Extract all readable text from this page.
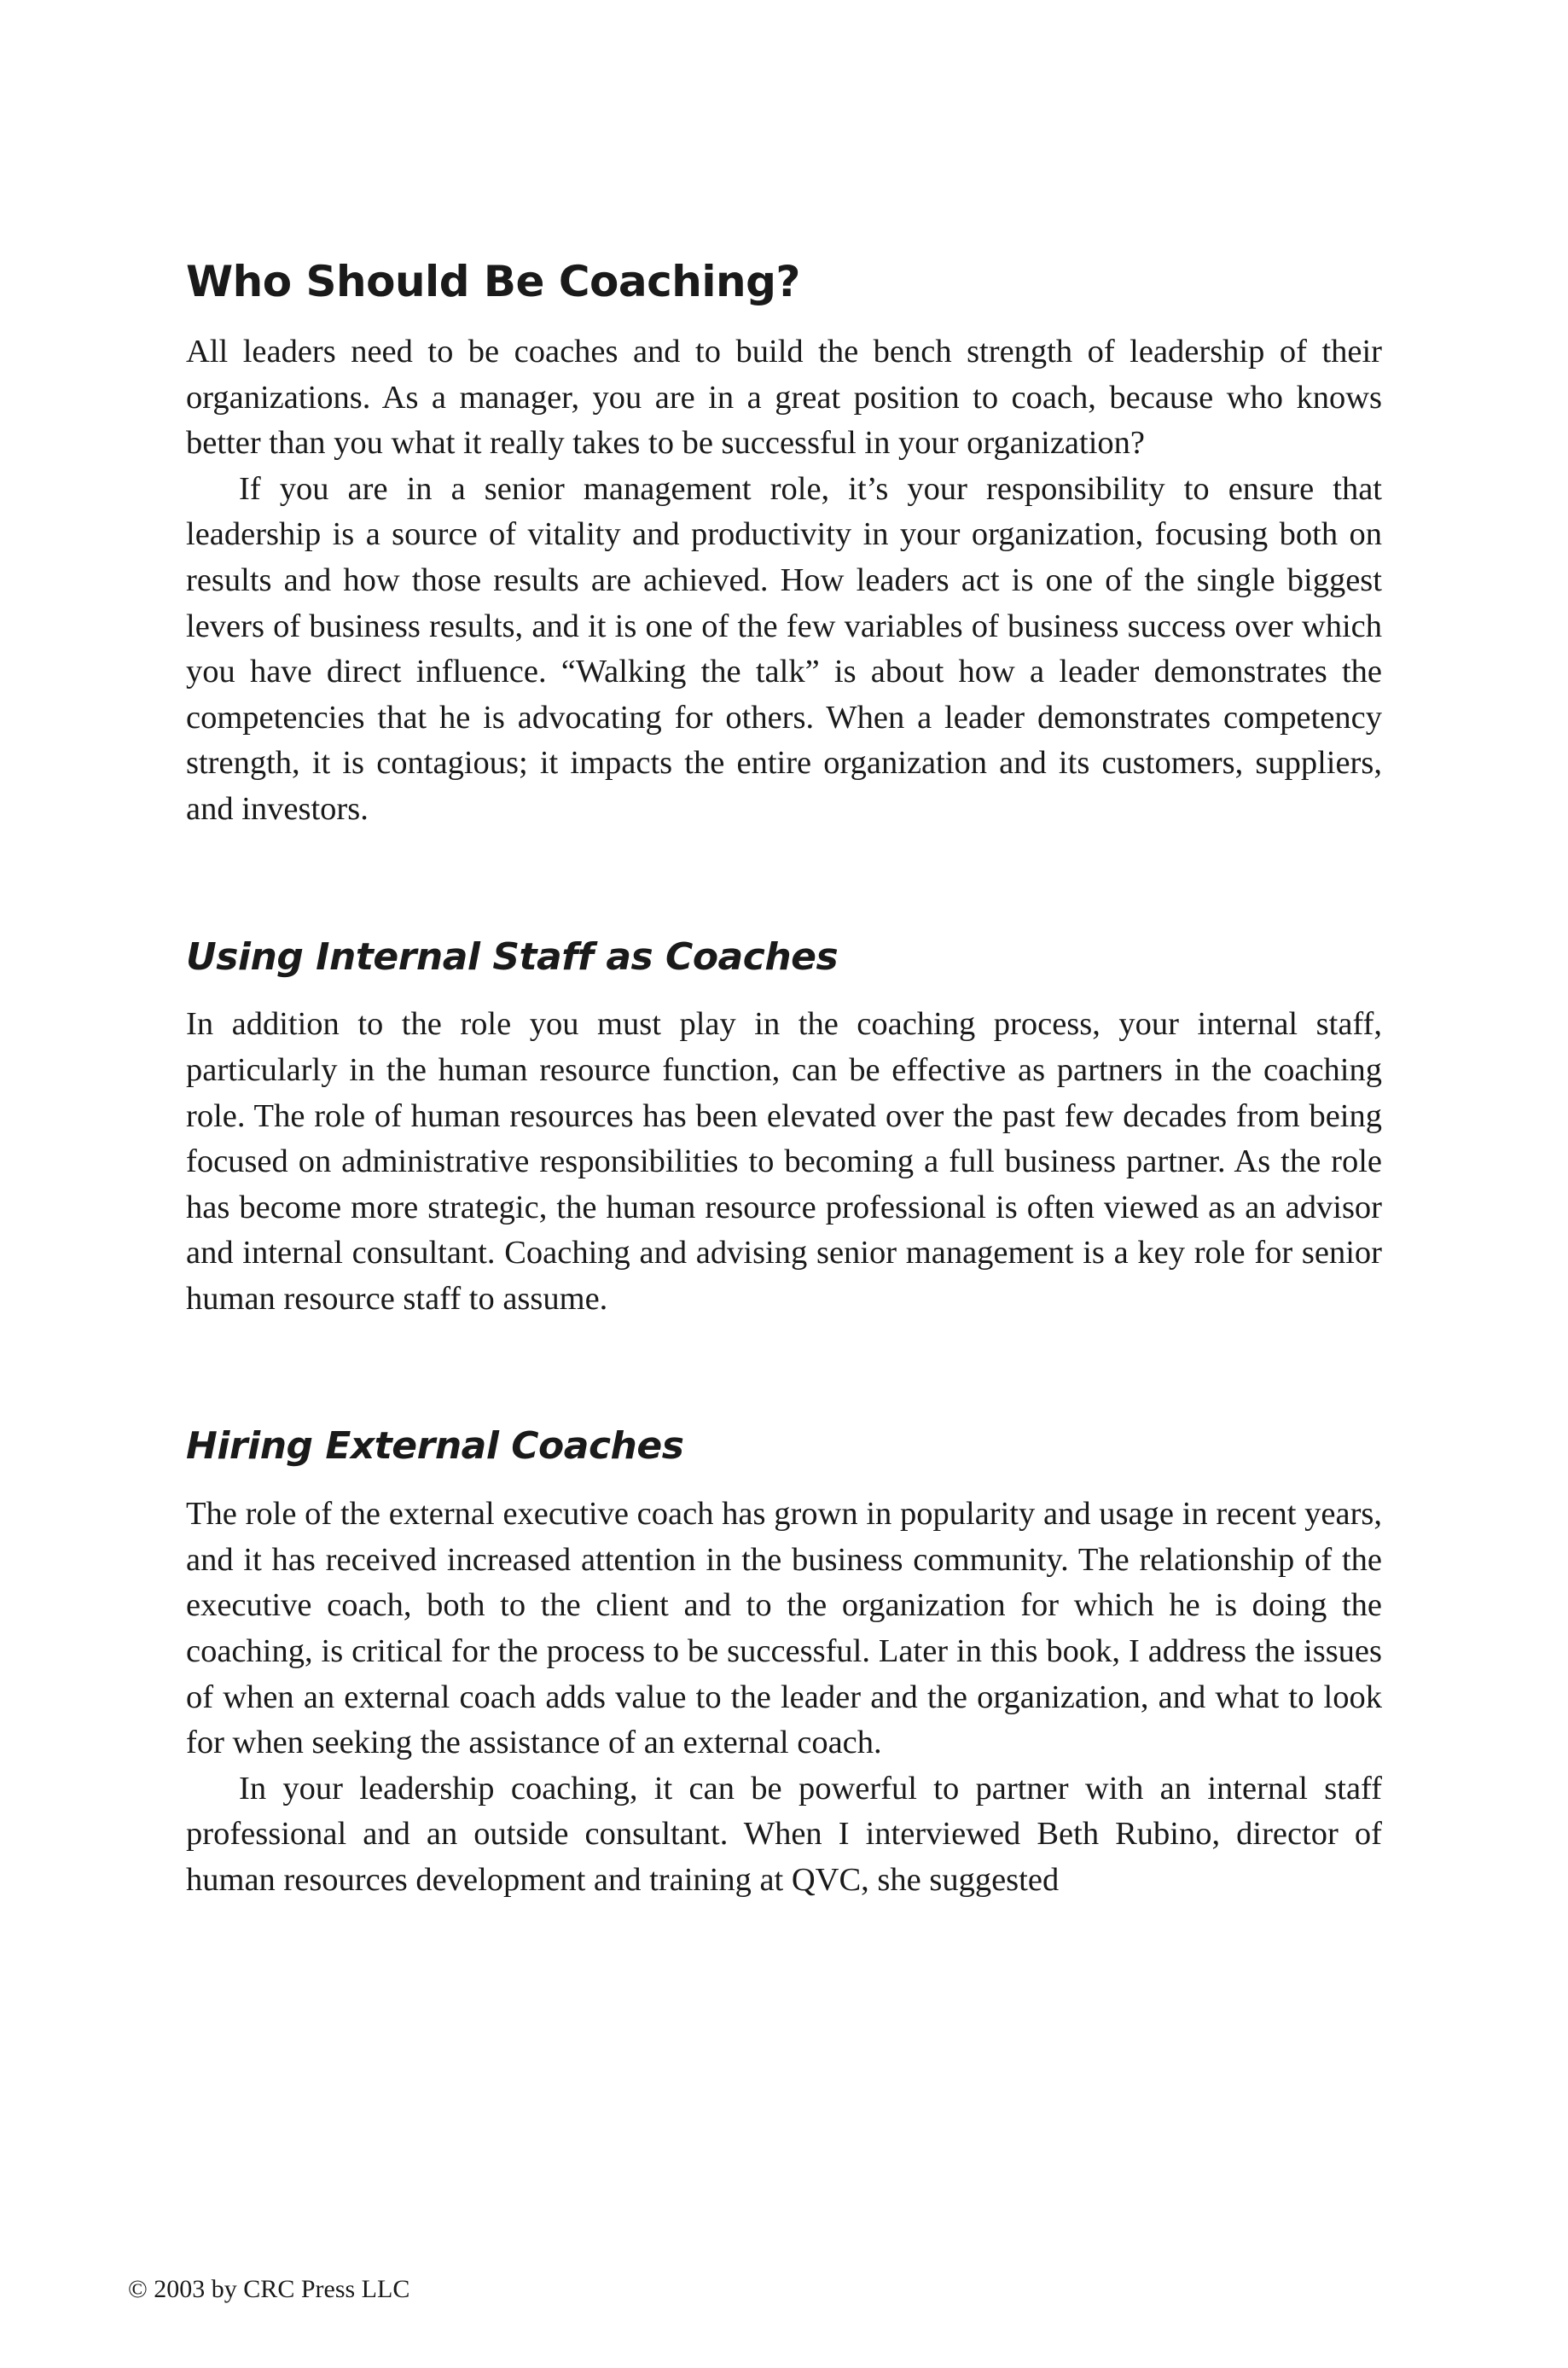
Who Should Be Coaching?

All leaders need to be coaches and to build the bench strength of leadership of their organizations. As a manager, you are in a great position to coach, because who knows better than you what it really takes to be successful in your organization?

If you are in a senior management role, it’s your responsibility to ensure that leadership is a source of vitality and productivity in your organization, focusing both on results and how those results are achieved. How leaders act is one of the single biggest levers of business results, and it is one of the few variables of business success over which you have direct influence. “Walking the talk” is about how a leader demonstrates the competencies that he is advocating for others. When a leader demonstrates competency strength, it is contagious; it impacts the entire organization and its customers, suppliers, and investors.

Using Internal Staff as Coaches

In addition to the role you must play in the coaching process, your internal staff, particularly in the human resource function, can be effective as partners in the coaching role. The role of human resources has been elevated over the past few decades from being focused on administrative responsibilities to becoming a full business partner. As the role has become more strategic, the human resource professional is often viewed as an advisor and internal consultant. Coaching and advising senior management is a key role for senior human resource staff to assume.

Hiring External Coaches

The role of the external executive coach has grown in popularity and usage in recent years, and it has received increased attention in the business community. The relationship of the executive coach, both to the client and to the organization for which he is doing the coaching, is critical for the process to be successful. Later in this book, I address the issues of when an external coach adds value to the leader and the organization, and what to look for when seeking the assistance of an external coach.

In your leadership coaching, it can be powerful to partner with an internal staff professional and an outside consultant. When I interviewed Beth Rubino, director of human resources development and training at QVC, she suggested

© 2003 by CRC Press LLC
